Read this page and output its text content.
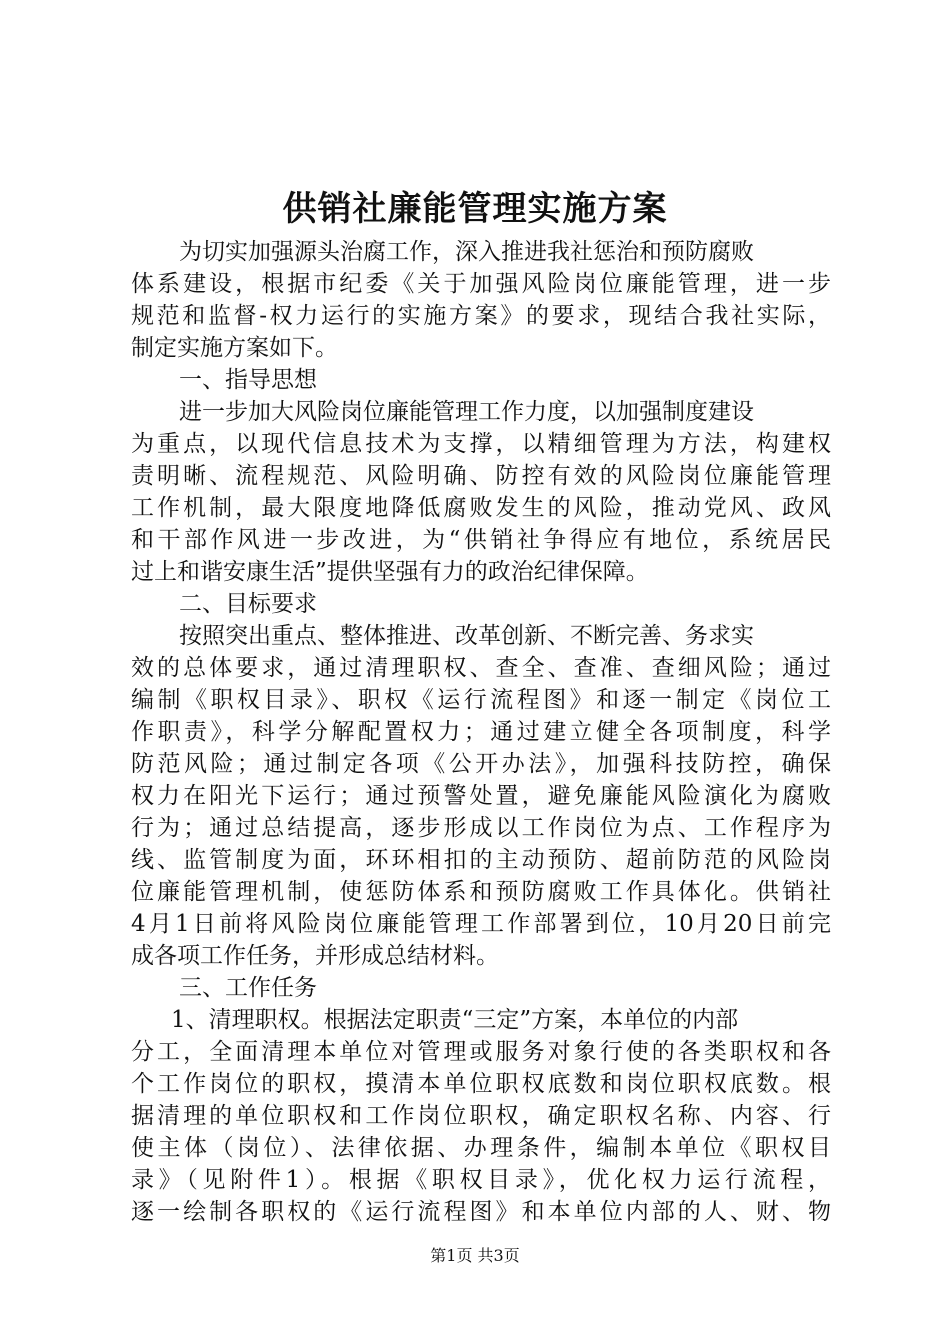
供销社廉能管理实施方案
为切实加强源头治腐工作，深入推进我社惩治和预防腐败
体系建设，根据市纪委《关于加强风险岗位廉能管理，进一步
规范和监督-权力运行的实施方案》的要求，现结合我社实际，
制定实施方案如下。
一、指导思想
进一步加大风险岗位廉能管理工作力度，以加强制度建设
为重点，以现代信息技术为支撑，以精细管理为方法，构建权
责明晰、流程规范、风险明确、防控有效的风险岗位廉能管理
工作机制，最大限度地降低腐败发生的风险，推动党风、政风
和干部作风进一步改进，为“供销社争得应有地位，系统居民
过上和谐安康生活”提供坚强有力的政治纪律保障。
二、目标要求
按照突出重点、整体推进、改革创新、不断完善、务求实
效的总体要求，通过清理职权、查全、查准、查细风险；通过
编制《职权目录》、职权《运行流程图》和逐一制定《岗位工
作职责》，科学分解配置权力；通过建立健全各项制度，科学
防范风险；通过制定各项《公开办法》，加强科技防控，确保
权力在阳光下运行；通过预警处置，避免廉能风险演化为腐败
行为；通过总结提高，逐步形成以工作岗位为点、工作程序为
线、监管制度为面，环环相扣的主动预防、超前防范的风险岗
位廉能管理机制，使惩防体系和预防腐败工作具体化。供销社
4月1日前将风险岗位廉能管理工作部署到位，10月20日前完
成各项工作任务，并形成总结材料。
三、工作任务
1、清理职权。根据法定职责“三定”方案，本单位的内部
分工，全面清理本单位对管理或服务对象行使的各类职权和各
个工作岗位的职权，摸清本单位职权底数和岗位职权底数。根
据清理的单位职权和工作岗位职权，确定职权名称、内容、行
使主体（岗位）、法律依据、办理条件，编制本单位《职权目
录》（见附件1）。根据《职权目录》，优化权力运行流程，
逐一绘制各职权的《运行流程图》和本单位内部的人、财、物
第1页 共3页
